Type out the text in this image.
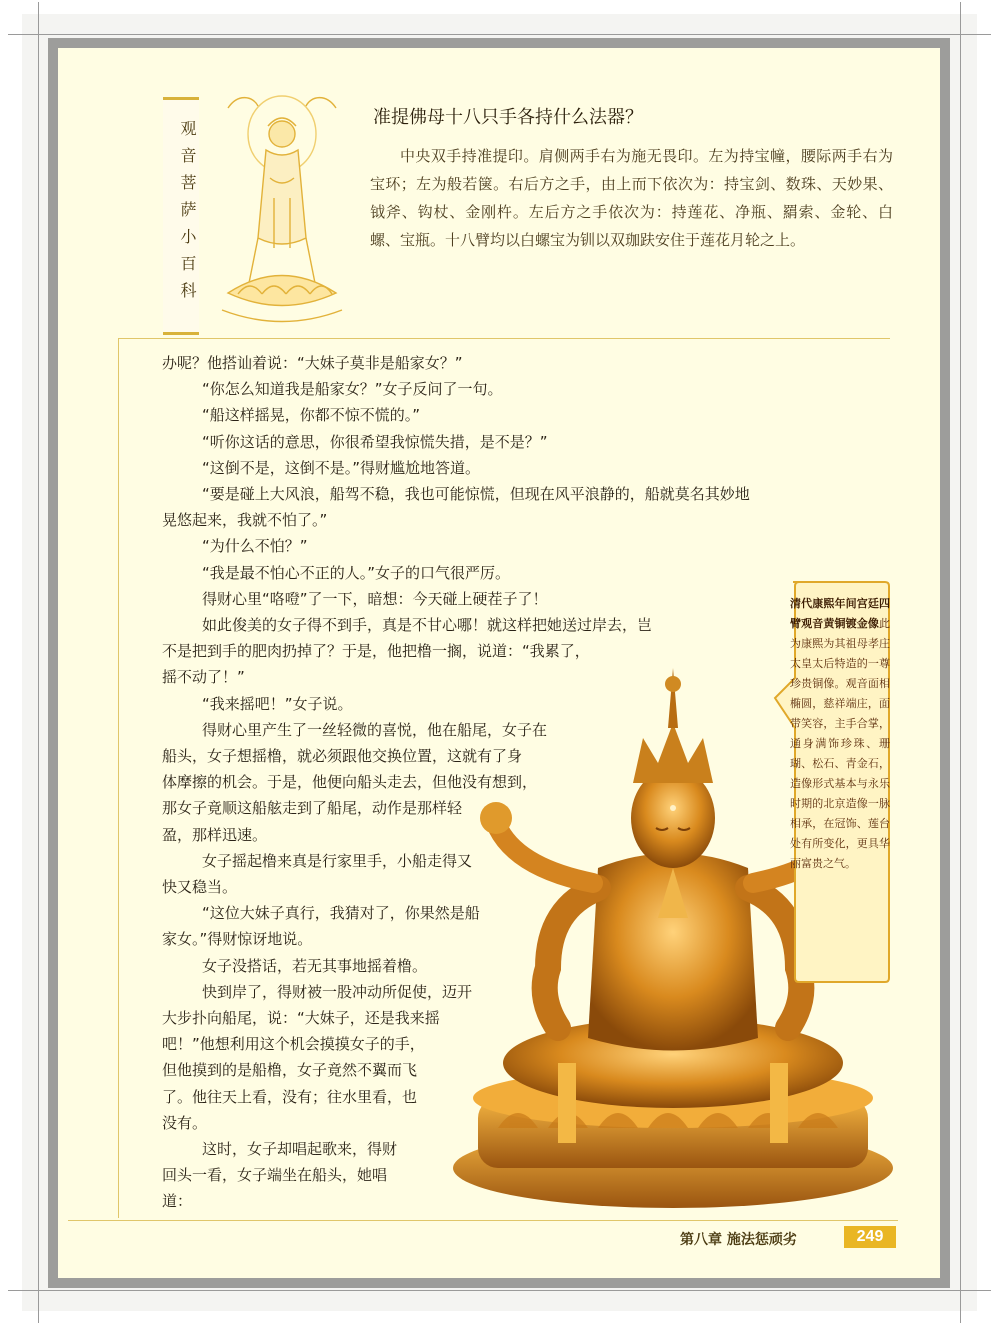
观音菩萨小百科
准提佛母十八只手各持什么法器？

中央双手持准提印。肩侧两手右为施无畏印。左为持宝幢，腰际两手右为宝环；左为般若箧。右后方之手，由上而下依次为：持宝剑、数珠、天妙果、钺斧、钩杖、金刚杵。左后方之手依次为：持莲花、净瓶、羂索、金轮、白螺、宝瓶。十八臂均以白螺宝为钏以双珈趺安住于莲花月轮之上。

清代康熙年间宫廷四臂观音黄铜镀金像此为康熙为其祖母孝庄太皇太后特造的一尊珍贵铜像。观音面相椭圆，慈祥端庄，面带笑容，主手合掌，通身满饰珍珠、珊瑚、松石、青金石，造像形式基本与永乐时期的北京造像一脉相承，在冠饰、莲台处有所变化，更具华丽富贵之气。
办呢？他搭讪着说：“大妹子莫非是船家女？”
“你怎么知道我是船家女？”女子反问了一句。
“船这样摇晃，你都不惊不慌的。”
“听你这话的意思，你很希望我惊慌失措，是不是？”
“这倒不是，这倒不是。”得财尴尬地答道。
“要是碰上大风浪，船驾不稳，我也可能惊慌，但现在风平浪静的，船就莫名其妙地
晃悠起来，我就不怕了。”
“为什么不怕？”
“我是最不怕心不正的人。”女子的口气很严厉。
得财心里“咯噔”了一下，暗想：今天碰上硬茬子了！
如此俊美的女子得不到手，真是不甘心哪！就这样把她送过岸去，岂
不是把到手的肥肉扔掉了？于是，他把橹一搁，说道：“我累了，
摇不动了！”
“我来摇吧！”女子说。
得财心里产生了一丝轻微的喜悦，他在船尾，女子在
船头，女子想摇橹，就必须跟他交换位置，这就有了身
体摩擦的机会。于是，他便向船头走去，但他没有想到，
那女子竟顺这船舷走到了船尾，动作是那样轻
盈，那样迅速。
女子摇起橹来真是行家里手，小船走得又
快又稳当。
“这位大妹子真行，我猜对了，你果然是船
家女。”得财惊讶地说。
女子没搭话，若无其事地摇着橹。
快到岸了，得财被一股冲动所促使，迈开
大步扑向船尾，说：“大妹子，还是我来摇
吧！”他想利用这个机会摸摸女子的手，
但他摸到的是船橹，女子竟然不翼而飞
了。他往天上看，没有；往水里看，也
没有。
这时，女子却唱起歌来，得财
回头一看，女子端坐在船头，她唱
道：
第八章 施法惩顽劣	249
